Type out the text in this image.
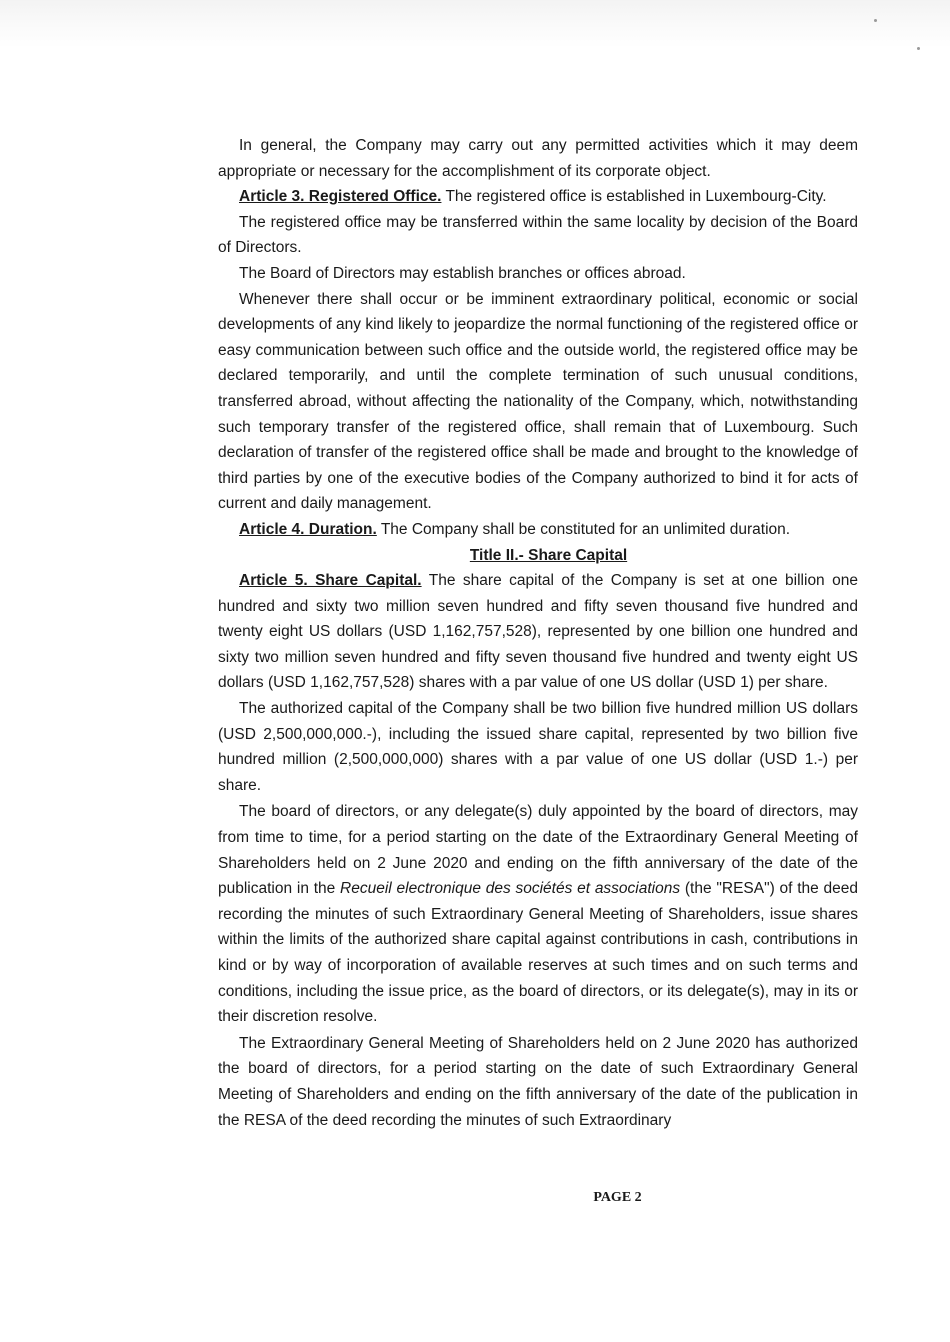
In general, the Company may carry out any permitted activities which it may deem appropriate or necessary for the accomplishment of its corporate object.

Article 3. Registered Office. The registered office is established in Luxembourg-City.

The registered office may be transferred within the same locality by decision of the Board of Directors.

The Board of Directors may establish branches or offices abroad.

Whenever there shall occur or be imminent extraordinary political, economic or social developments of any kind likely to jeopardize the normal functioning of the registered office or easy communication between such office and the outside world, the registered office may be declared temporarily, and until the complete termination of such unusual conditions, transferred abroad, without affecting the nationality of the Company, which, notwithstanding such temporary transfer of the registered office, shall remain that of Luxembourg. Such declaration of transfer of the registered office shall be made and brought to the knowledge of third parties by one of the executive bodies of the Company authorized to bind it for acts of current and daily management.

Article 4. Duration. The Company shall be constituted for an unlimited duration.

Title II.- Share Capital

Article 5. Share Capital. The share capital of the Company is set at one billion one hundred and sixty two million seven hundred and fifty seven thousand five hundred and twenty eight US dollars (USD 1,162,757,528), represented by one billion one hundred and sixty two million seven hundred and fifty seven thousand five hundred and twenty eight US dollars (USD 1,162,757,528) shares with a par value of one US dollar (USD 1) per share.

The authorized capital of the Company shall be two billion five hundred million US dollars (USD 2,500,000,000.-), including the issued share capital, represented by two billion five hundred million (2,500,000,000) shares with a par value of one US dollar (USD 1.-) per share.

The board of directors, or any delegate(s) duly appointed by the board of directors, may from time to time, for a period starting on the date of the Extraordinary General Meeting of Shareholders held on 2 June 2020 and ending on the fifth anniversary of the date of the publication in the Recueil electronique des sociétés et associations (the "RESA") of the deed recording the minutes of such Extraordinary General Meeting of Shareholders, issue shares within the limits of the authorized share capital against contributions in cash, contributions in kind or by way of incorporation of available reserves at such times and on such terms and conditions, including the issue price, as the board of directors, or its delegate(s), may in its or their discretion resolve.

The Extraordinary General Meeting of Shareholders held on 2 June 2020 has authorized the board of directors, for a period starting on the date of such Extraordinary General Meeting of Shareholders and ending on the fifth anniversary of the date of the publication in the RESA of the deed recording the minutes of such Extraordinary

PAGE 2
